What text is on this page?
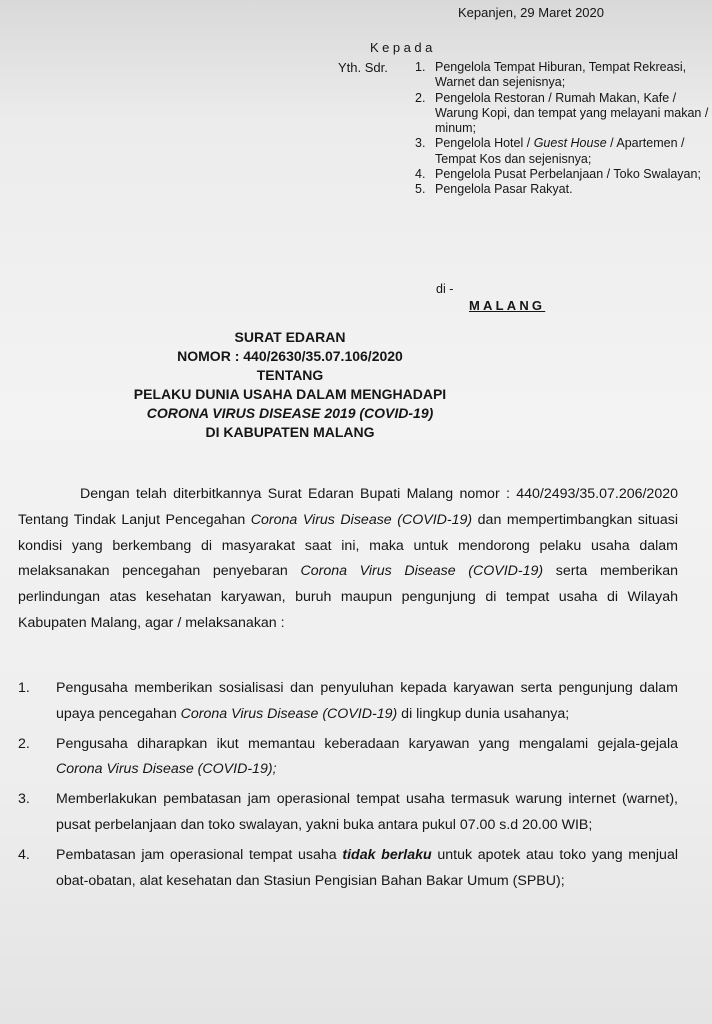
Kepanjen, 29 Maret 2020
Kepada
Yth. Sdr. 1. Pengelola Tempat Hiburan, Tempat Rekreasi, Warnet dan sejenisnya;
2. Pengelola Restoran / Rumah Makan, Kafe / Warung Kopi, dan tempat yang melayani makan / minum;
3. Pengelola Hotel / Guest House / Apartemen / Tempat Kos dan sejenisnya;
4. Pengelola Pusat Perbelanjaan / Toko Swalayan;
5. Pengelola Pasar Rakyat.
di -
MALANG
SURAT EDARAN
NOMOR : 440/2630/35.07.106/2020
TENTANG
PELAKU DUNIA USAHA DALAM MENGHADAPI
CORONA VIRUS DISEASE 2019 (COVID-19)
DI KABUPATEN MALANG

Dengan telah diterbitkannya Surat Edaran Bupati Malang nomor : 440/2493/35.07.206/2020 Tentang Tindak Lanjut Pencegahan Corona Virus Disease (COVID-19) dan mempertimbangkan situasi kondisi yang berkembang di masyarakat saat ini, maka untuk mendorong pelaku usaha dalam melaksanakan pencegahan penyebaran Corona Virus Disease (COVID-19) serta memberikan perlindungan atas kesehatan karyawan, buruh maupun pengunjung di tempat usaha di Wilayah Kabupaten Malang, agar / melaksanakan :

1.	Pengusaha memberikan sosialisasi dan penyuluhan kepada karyawan serta pengunjung dalam upaya pencegahan Corona Virus Disease (COVID-19) di lingkup dunia usahanya;
2.	Pengusaha diharapkan ikut memantau keberadaan karyawan yang mengalami gejala-gejala Corona Virus Disease (COVID-19);
3.	Memberlakukan pembatasan jam operasional tempat usaha termasuk warung internet (warnet), pusat perbelanjaan dan toko swalayan, yakni buka antara pukul 07.00 s.d 20.00 WIB;
4.	Pembatasan jam operasional tempat usaha tidak berlaku untuk apotek atau toko yang menjual obat-obatan, alat kesehatan dan Stasiun Pengisian Bahan Bakar Umum (SPBU);
